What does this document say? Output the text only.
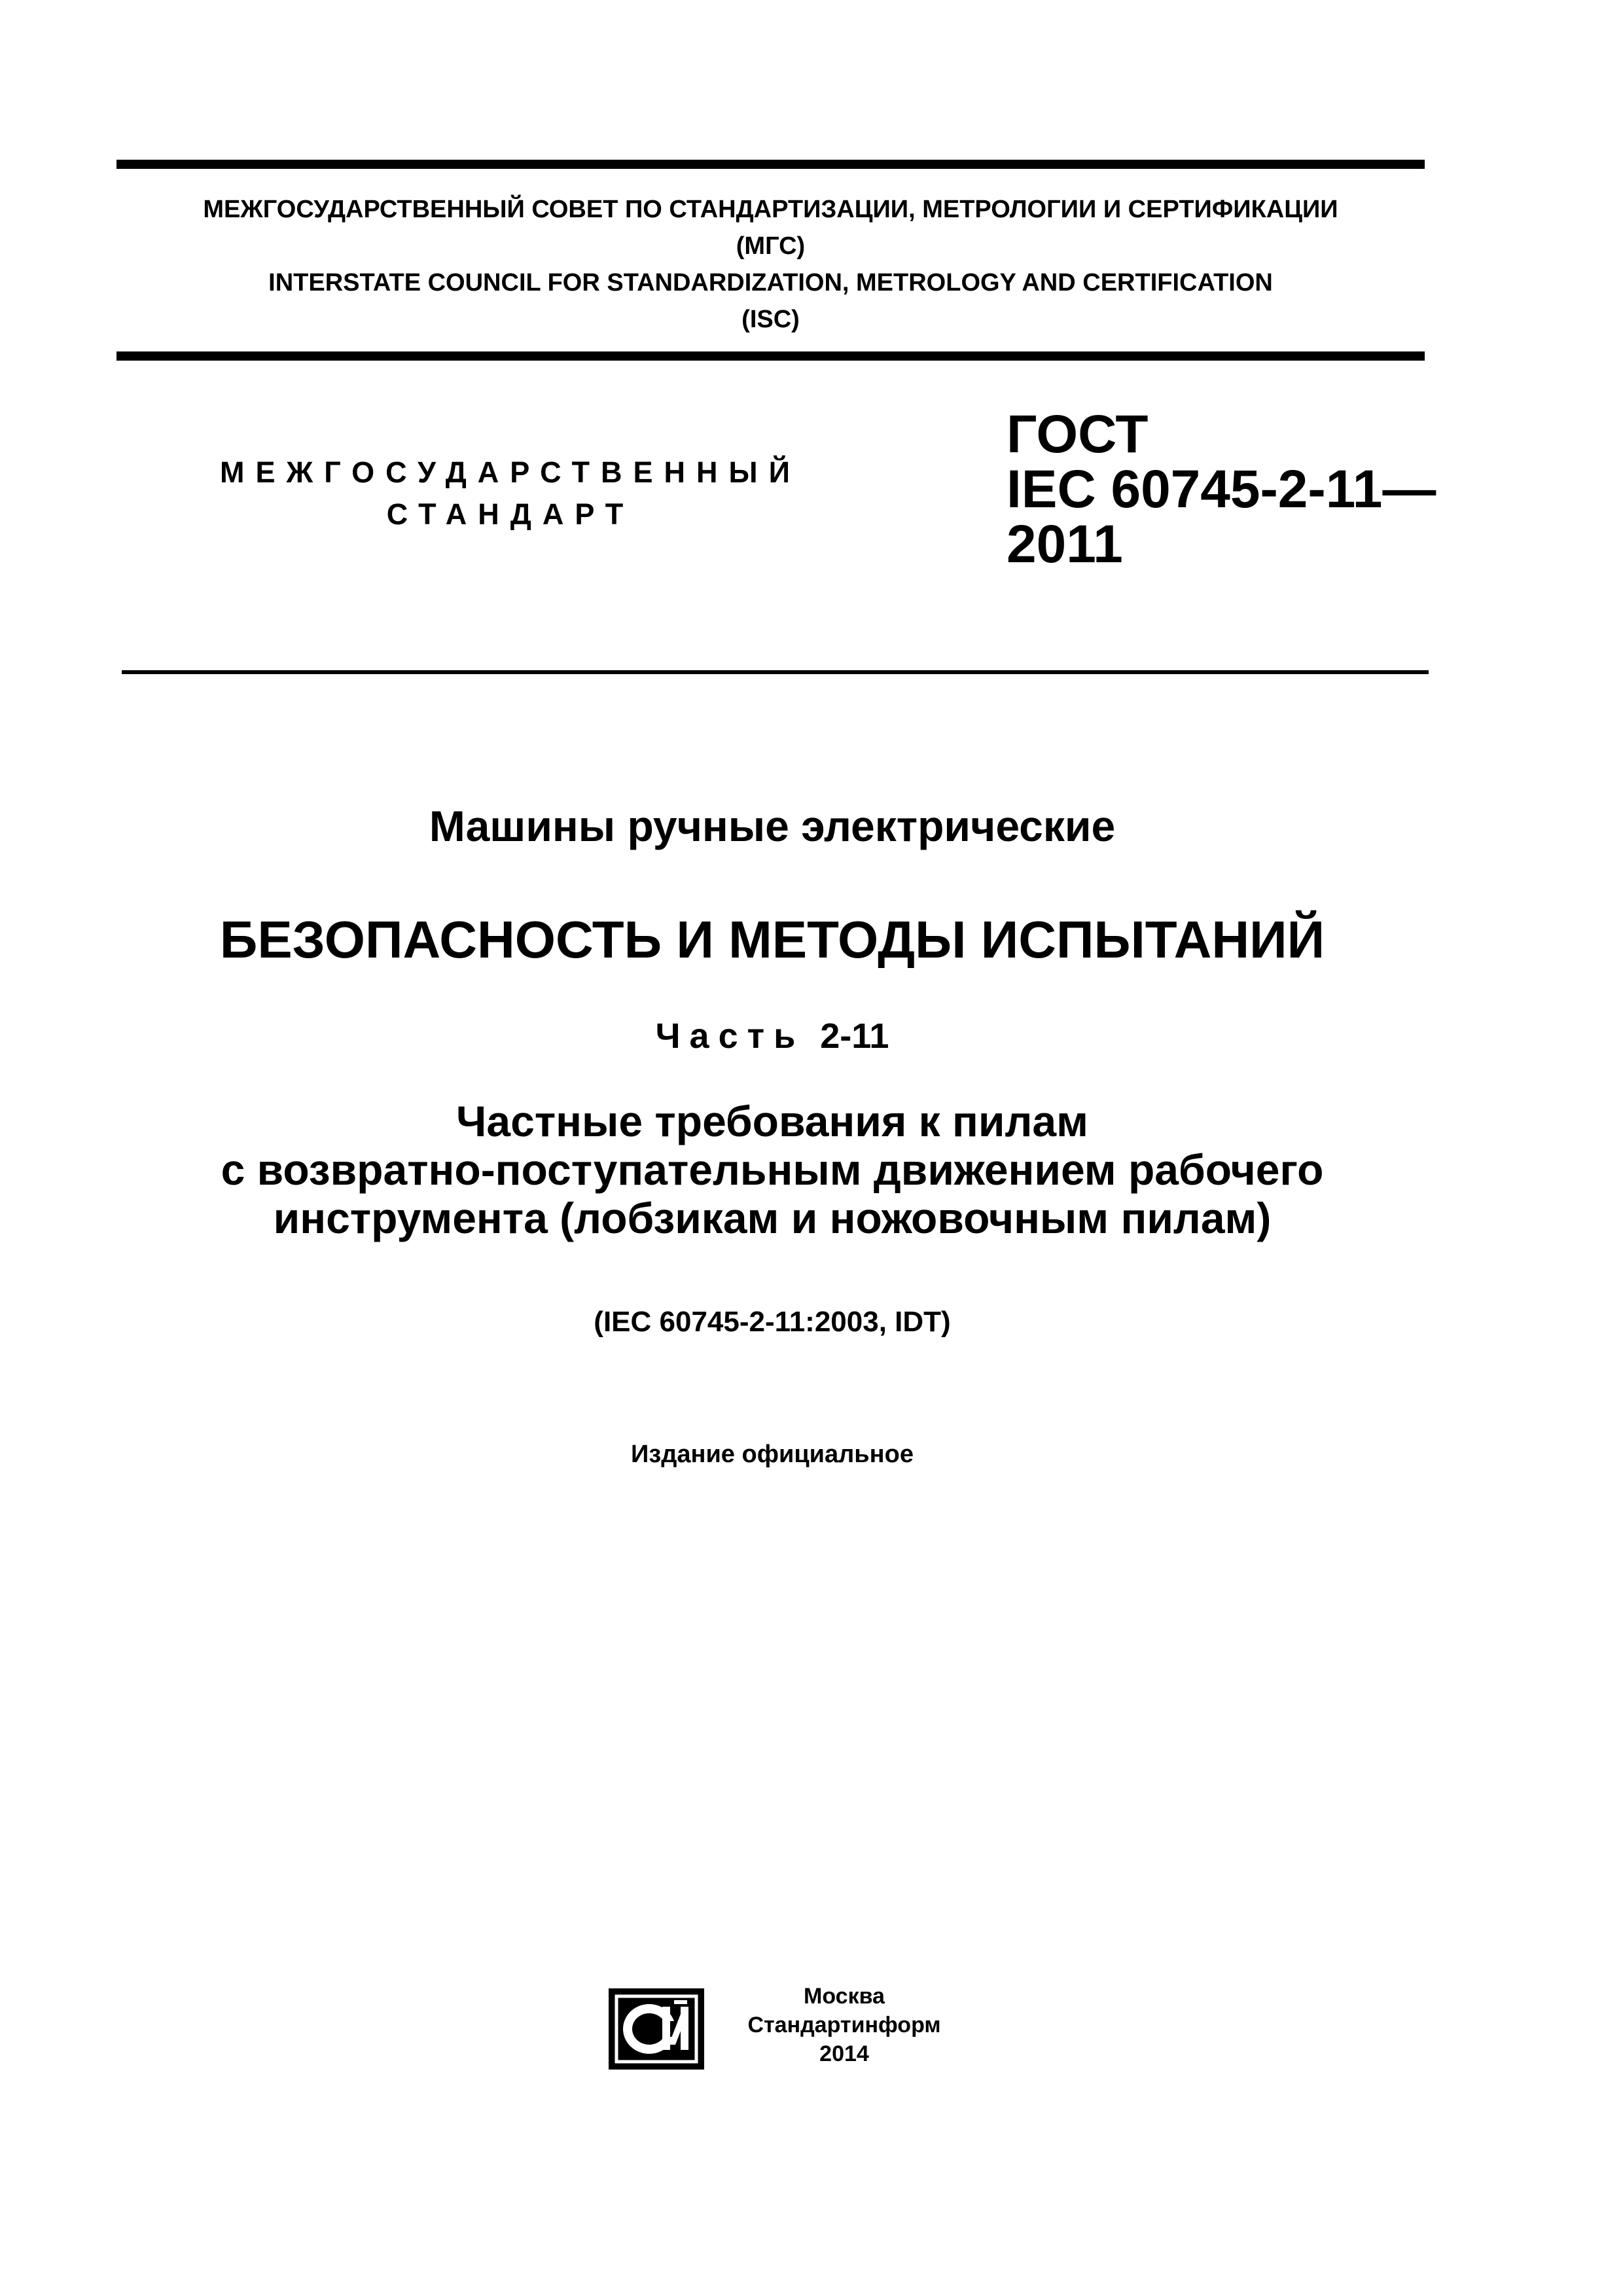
МЕЖГОСУДАРСТВЕННЫЙ СОВЕТ ПО СТАНДАРТИЗАЦИИ, МЕТРОЛОГИИ И СЕРТИФИКАЦИИ
(МГС)
INTERSTATE COUNCIL FOR STANDARDIZATION, METROLOGY AND CERTIFICATION
(ISC)
МЕЖГОСУДАРСТВЕННЫЙ
СТАНДАРТ
ГОСТ
IEC 60745-2-11—
2011
Машины ручные электрические
БЕЗОПАСНОСТЬ И МЕТОДЫ ИСПЫТАНИЙ
Часть 2-11
Частные требования к пилам
с возвратно-поступательным движением рабочего
инструмента (лобзикам и ножовочным пилам)
(IEC 60745-2-11:2003, IDT)
Издание официальное
Москва
Стандартинформ
2014
